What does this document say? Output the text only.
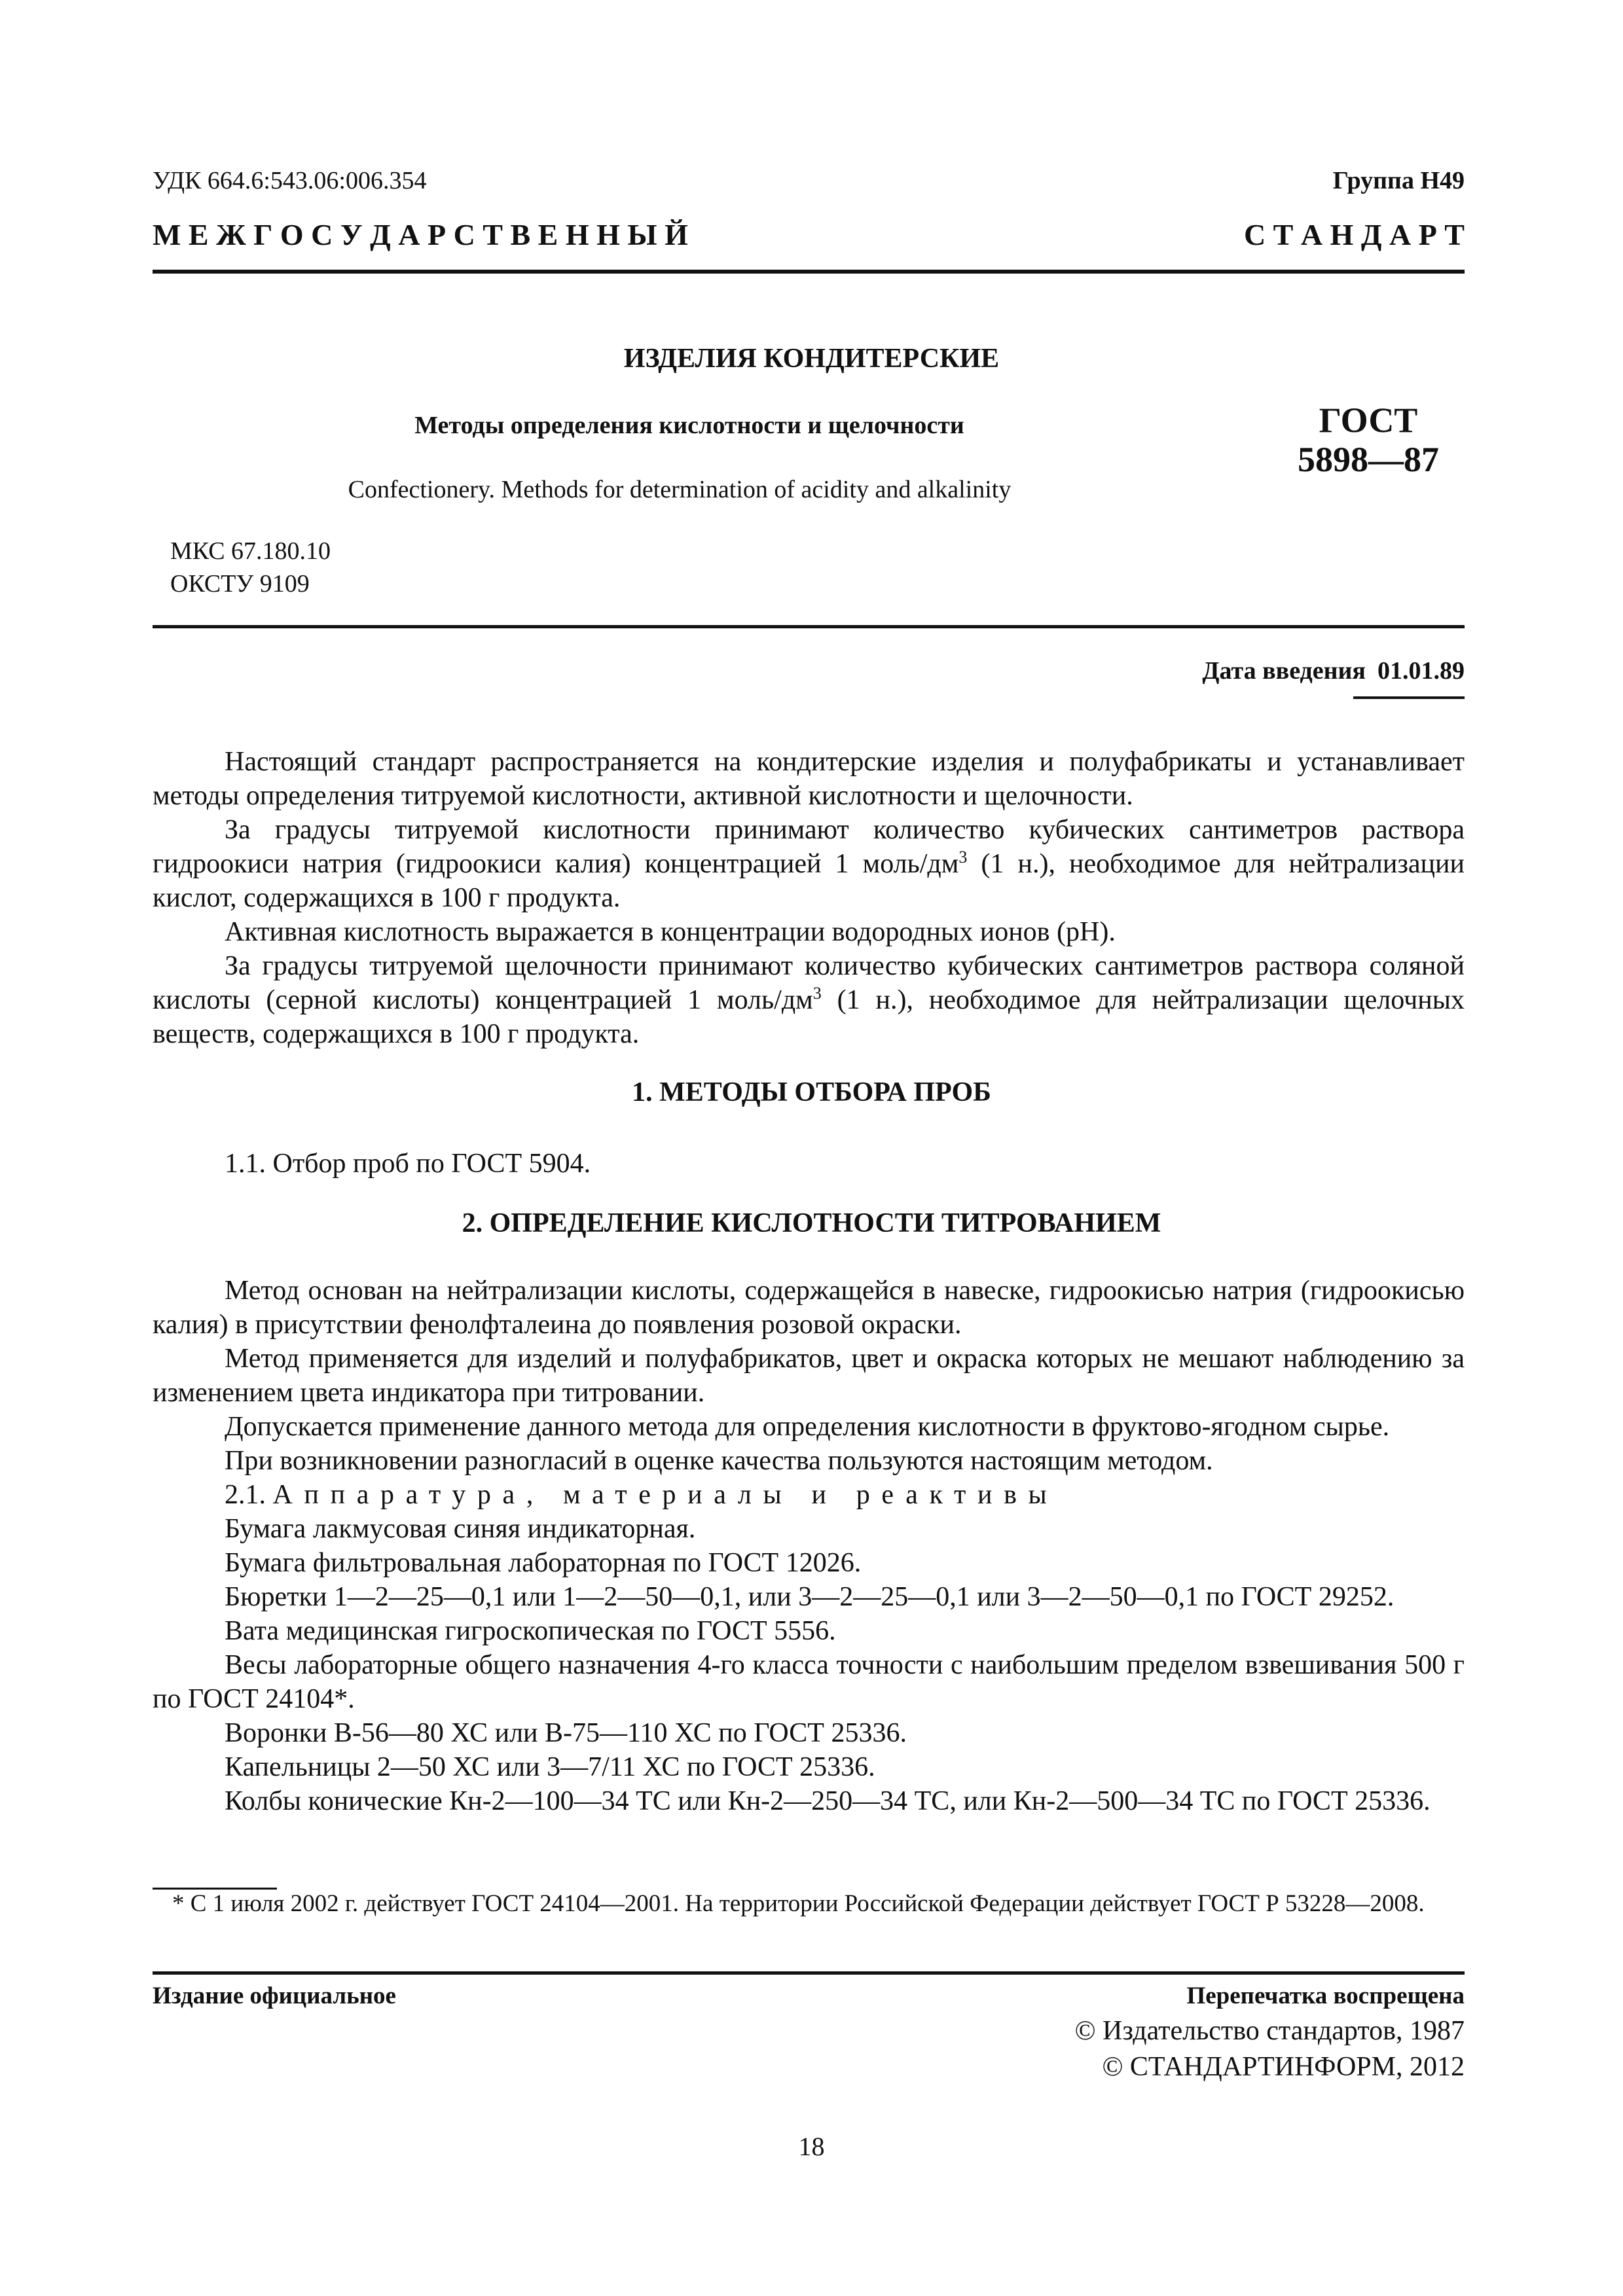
УДК 664.6:543.06:006.354	Группа Н49
М Е Ж Г О С У Д А Р С Т В Е Н Н Ы Й	С Т А Н Д А Р Т
ИЗДЕЛИЯ КОНДИТЕРСКИЕ
Методы определения кислотности и щелочности
Confectionery. Methods for determination of acidity and alkalinity
ГОСТ
5898—87
МКС 67.180.10
ОКСТУ 9109
Дата введения 01.01.89

Настоящий стандарт распространяется на кондитерские изделия и полуфабрикаты и устанавливает методы определения титруемой кислотности, активной кислотности и щелочности.

За градусы титруемой кислотности принимают количество кубических сантиметров раствора гидроокиси натрия (гидроокиси калия) концентрацией 1 моль/$дм^3$ (1 н.), необходимое для нейтрализации кислот, содержащихся в 100 г продукта.

Активная кислотность выражается в концентрации водородных ионов (рН).

За градусы титруемой щелочности принимают количество кубических сантиметров раствора соляной кислоты (серной кислоты) концентрацией 1 моль/$дм^3$ (1 н.), необходимое для нейтрализации щелочных веществ, содержащихся в 100 г продукта.

1. МЕТОДЫ ОТБОРА ПРОБ

1.1. Отбор проб по ГОСТ 5904.

2. ОПРЕДЕЛЕНИЕ КИСЛОТНОСТИ ТИТРОВАНИЕМ

Метод основан на нейтрализации кислоты, содержащейся в навеске, гидроокисью натрия (гидроокисью калия) в присутствии фенолфталеина до появления розовой окраски.

Метод применяется для изделий и полуфабрикатов, цвет и окраска которых не мешают наблюдению за изменением цвета индикатора при титровании.

Допускается применение данного метода для определения кислотности в фруктово-ягодном сырье.

При возникновении разногласий в оценке качества пользуются настоящим методом.

2.1. Аппаратура, материалы и реактивы

Бумага лакмусовая синяя индикаторная.

Бумага фильтровальная лабораторная по ГОСТ 12026.

Бюретки 1—2—25—0,1 или 1—2—50—0,1, или 3—2—25—0,1 или 3—2—50—0,1 по ГОСТ 29252.

Вата медицинская гигроскопическая по ГОСТ 5556.

Весы лабораторные общего назначения 4-го класса точности с наибольшим пределом взвешивания 500 г по ГОСТ 24104*.

Воронки В-56—80 ХС или В-75—110 ХС по ГОСТ 25336.

Капельницы 2—50 ХС или 3—7/11 ХС по ГОСТ 25336.

Колбы конические Кн-2—100—34 ТС или Кн-2—250—34 ТС, или Кн-2—500—34 ТС по ГОСТ 25336.

* С 1 июля 2002 г. действует ГОСТ 24104—2001. На территории Российской Федерации действует ГОСТ Р 53228—2008.

Издание официальное	Перепечатка воспрещена
© Издательство стандартов, 1987
© СТАНДАРТИНФОРМ, 2012
18
